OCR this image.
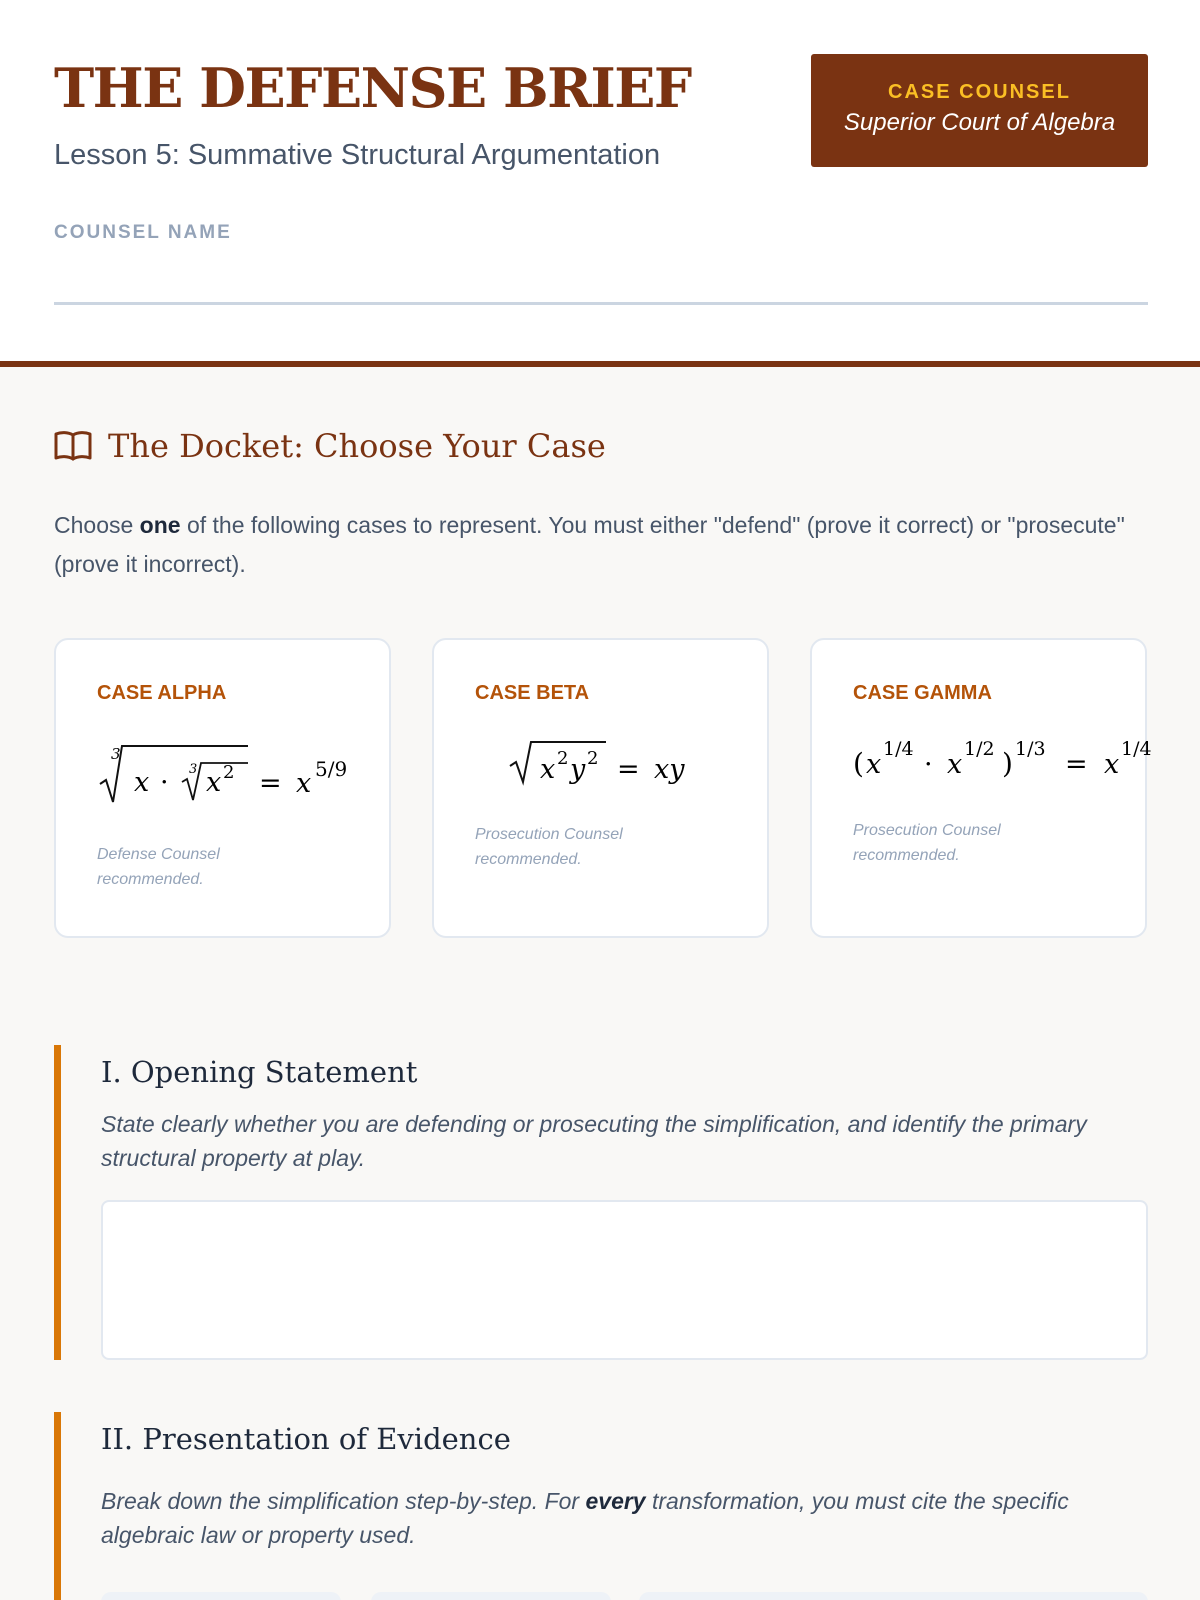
THE DEFENSE BRIEF
Lesson 5: Summative Structural Argumentation
CASE COUNSEL
Superior Court of Algebra
COUNSEL NAME
The Docket: Choose Your Case

Choose one of the following cases to represent. You must either "defend" (prove it correct) or "prosecute" (prove it incorrect).

CASE ALPHA
3
x · 3 x 2 = x 5/9
Defense Counsel recommended.
CASE BETA
x 2 y 2 = xy
Prosecution Counsel recommended.
CASE GAMMA
( x 1/4 · x 1/2 ) 1/3 = x 1/4
Prosecution Counsel recommended.
I. Opening Statement
State clearly whether you are defending or prosecuting the simplification, and identify the primary structural property at play.
II. Presentation of Evidence
Break down the simplification step-by-step. For every transformation, you must cite the specific algebraic law or property used.
